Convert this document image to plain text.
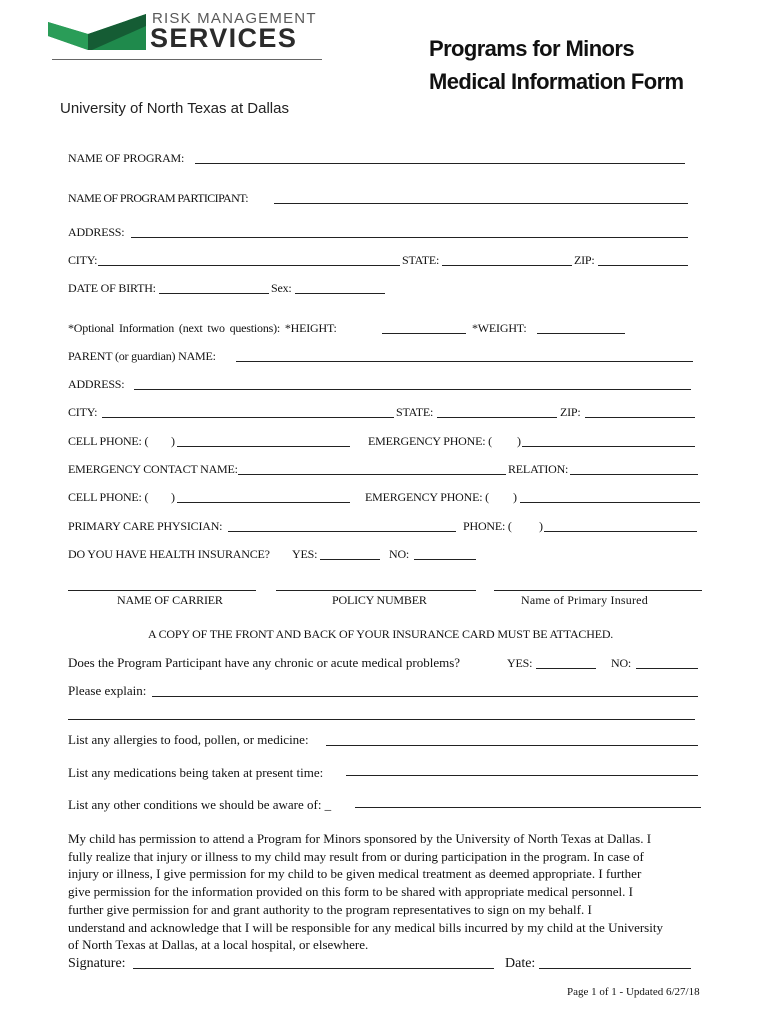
RISK MANAGEMENT
SERVICES	Programs for Minors
Medical Information Form
University of North Texas at Dallas
NAME OF PROGRAM:
NAME OF PROGRAM PARTICIPANT:
ADDRESS:
CITY:	STATE:	ZIP:
DATE OF BIRTH:	Sex:
*Optional Information (next two questions): *HEIGHT:	*WEIGHT:
PARENT (or guardian) NAME:
ADDRESS:
CITY:	STATE:	ZIP:
CELL PHONE: ( )	EMERGENCY PHONE: ( )
EMERGENCY CONTACT NAME:	RELATION:
CELL PHONE: ( )	EMERGENCY PHONE: ( )
PRIMARY CARE PHYSICIAN:	PHONE: ( )
DO YOU HAVE HEALTH INSURANCE? YES:	NO:
NAME OF CARRIER	POLICY NUMBER	Name of Primary Insured
A COPY OF THE FRONT AND BACK OF YOUR INSURANCE CARD MUST BE ATTACHED.
Does the Program Participant have any chronic or acute medical problems?	YES:	NO:
Please explain:
List any allergies to food, pollen, or medicine:
List any medications being taken at present time:
List any other conditions we should be aware of: _
My child has permission to attend a Program for Minors sponsored by the University of North Texas at Dallas. I
fully realize that injury or illness to my child may result from or during participation in the program. In case of
injury or illness, I give permission for my child to be given medical treatment as deemed appropriate. I further
give permission for the information provided on this form to be shared with appropriate medical personnel. I
further give permission for and grant authority to the program representatives to sign on my behalf. I
understand and acknowledge that I will be responsible for any medical bills incurred by my child at the University
of North Texas at Dallas, at a local hospital, or elsewhere.
Signature:	Date:
Page 1 of 1 - Updated 6/27/18
